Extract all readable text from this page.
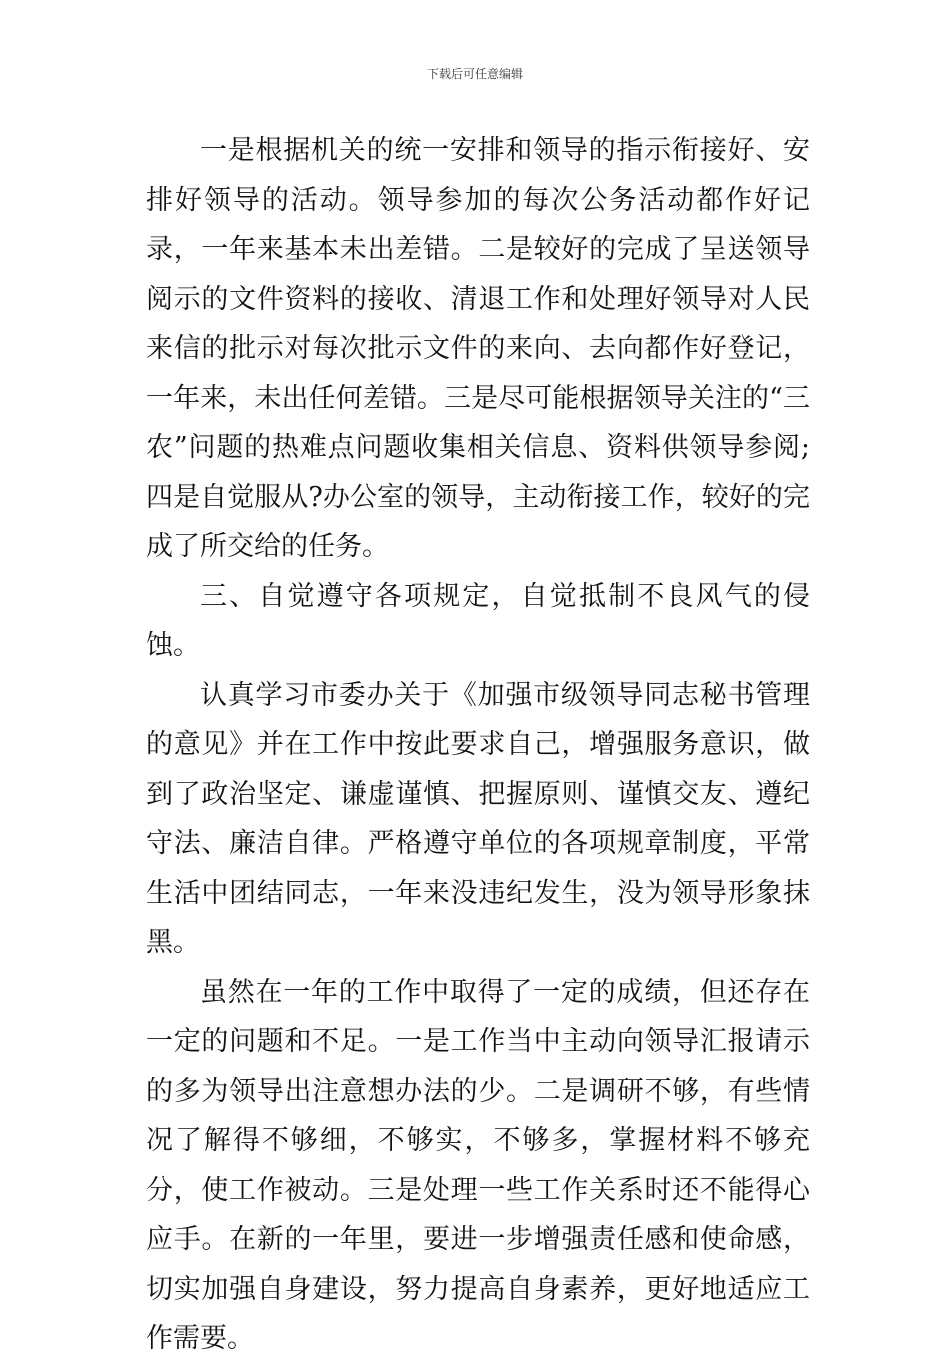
下载后可任意编辑

一是根据机关的统一安排和领导的指示衔接好、安排好领导的活动。领导参加的每次公务活动都作好记录，一年来基本未出差错。二是较好的完成了呈送领导阅示的文件资料的接收、清退工作和处理好领导对人民来信的批示对每次批示文件的来向、去向都作好登记，一年来，未出任何差错。三是尽可能根据领导关注的“三农”问题的热难点问题收集相关信息、资料供领导参阅;四是自觉服从?办公室的领导，主动衔接工作，较好的完成了所交给的任务。

三、自觉遵守各项规定，自觉抵制不良风气的侵蚀。

认真学习市委办关于《加强市级领导同志秘书管理的意见》并在工作中按此要求自己，增强服务意识，做到了政治坚定、谦虚谨慎、把握原则、谨慎交友、遵纪守法、廉洁自律。严格遵守单位的各项规章制度，平常生活中团结同志，一年来没违纪发生，没为领导形象抹黑。

虽然在一年的工作中取得了一定的成绩，但还存在一定的问题和不足。一是工作当中主动向领导汇报请示的多为领导出注意想办法的少。二是调研不够，有些情况了解得不够细，不够实，不够多，掌握材料不够充分，使工作被动。三是处理一些工作关系时还不能得心应手。在新的一年里，要进一步增强责任感和使命感，切实加强自身建设，努力提高自身素养，更好地适应工作需要。
